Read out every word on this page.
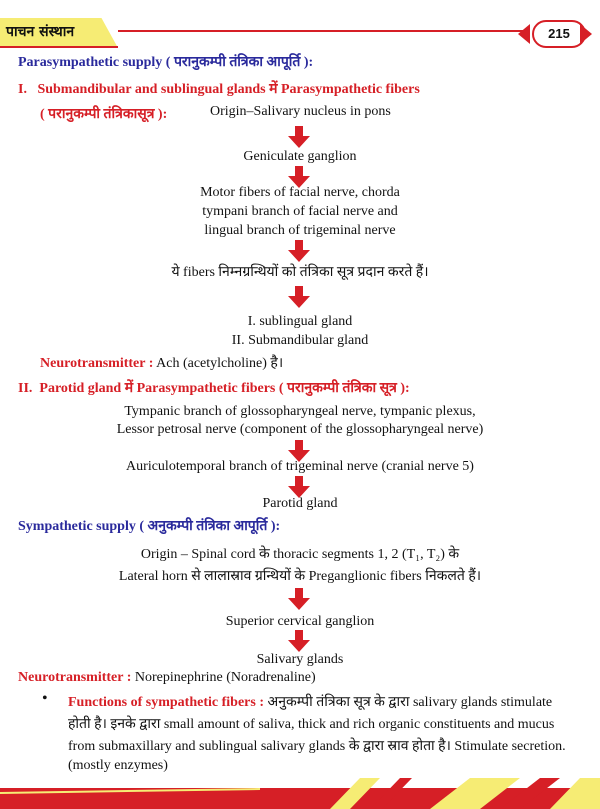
पाचन संस्थान	215
Parasympathetic supply ( परानुकम्पी तंत्रिका आपूर्ति ):
I.   Submandibular and sublingual glands में Parasympathetic fibers
( परानुकम्पी तंत्रिकासूत्र ):	Origin–Salivary nucleus in pons
Geniculate ganglion
Motor fibers of facial nerve, chorda
tympani branch of facial nerve and
lingual branch of trigeminal nerve
ये fibers निम्नग्रन्थियों को तंत्रिका सूत्र प्रदान करते हैं।
I. sublingual gland
II. Submandibular gland
Neurotransmitter : Ach (acetylcholine) है।
II.  Parotid gland में Parasympathetic fibers ( परानुकम्पी तंत्रिका सूत्र ):
Tympanic branch of glossopharyngeal nerve, tympanic plexus,
Lessor petrosal nerve (component of the glossopharyngeal nerve)
Auriculotemporal branch of trigeminal nerve (cranial nerve 5)
Parotid gland
Sympathetic supply ( अनुकम्पी तंत्रिका आपूर्ति ):
Origin – Spinal cord के thoracic segments 1, 2 (T₁, T₂) के
Lateral horn से लालास्राव ग्रन्थियों के Preganglionic fibers निकलते हैं।
Superior cervical ganglion
Salivary glands
Neurotransmitter : Norepinephrine (Noradrenaline)
• Functions of sympathetic fibers : अनुकम्पी तंत्रिका सूत्र के द्वारा salivary glands stimulate
होती है। इनके द्वारा small amount of saliva, thick and rich organic constituents and mucus
from submaxillary and sublingual salivary glands के द्वारा स्राव होता है। Stimulate secretion.
(mostly enzymes)
